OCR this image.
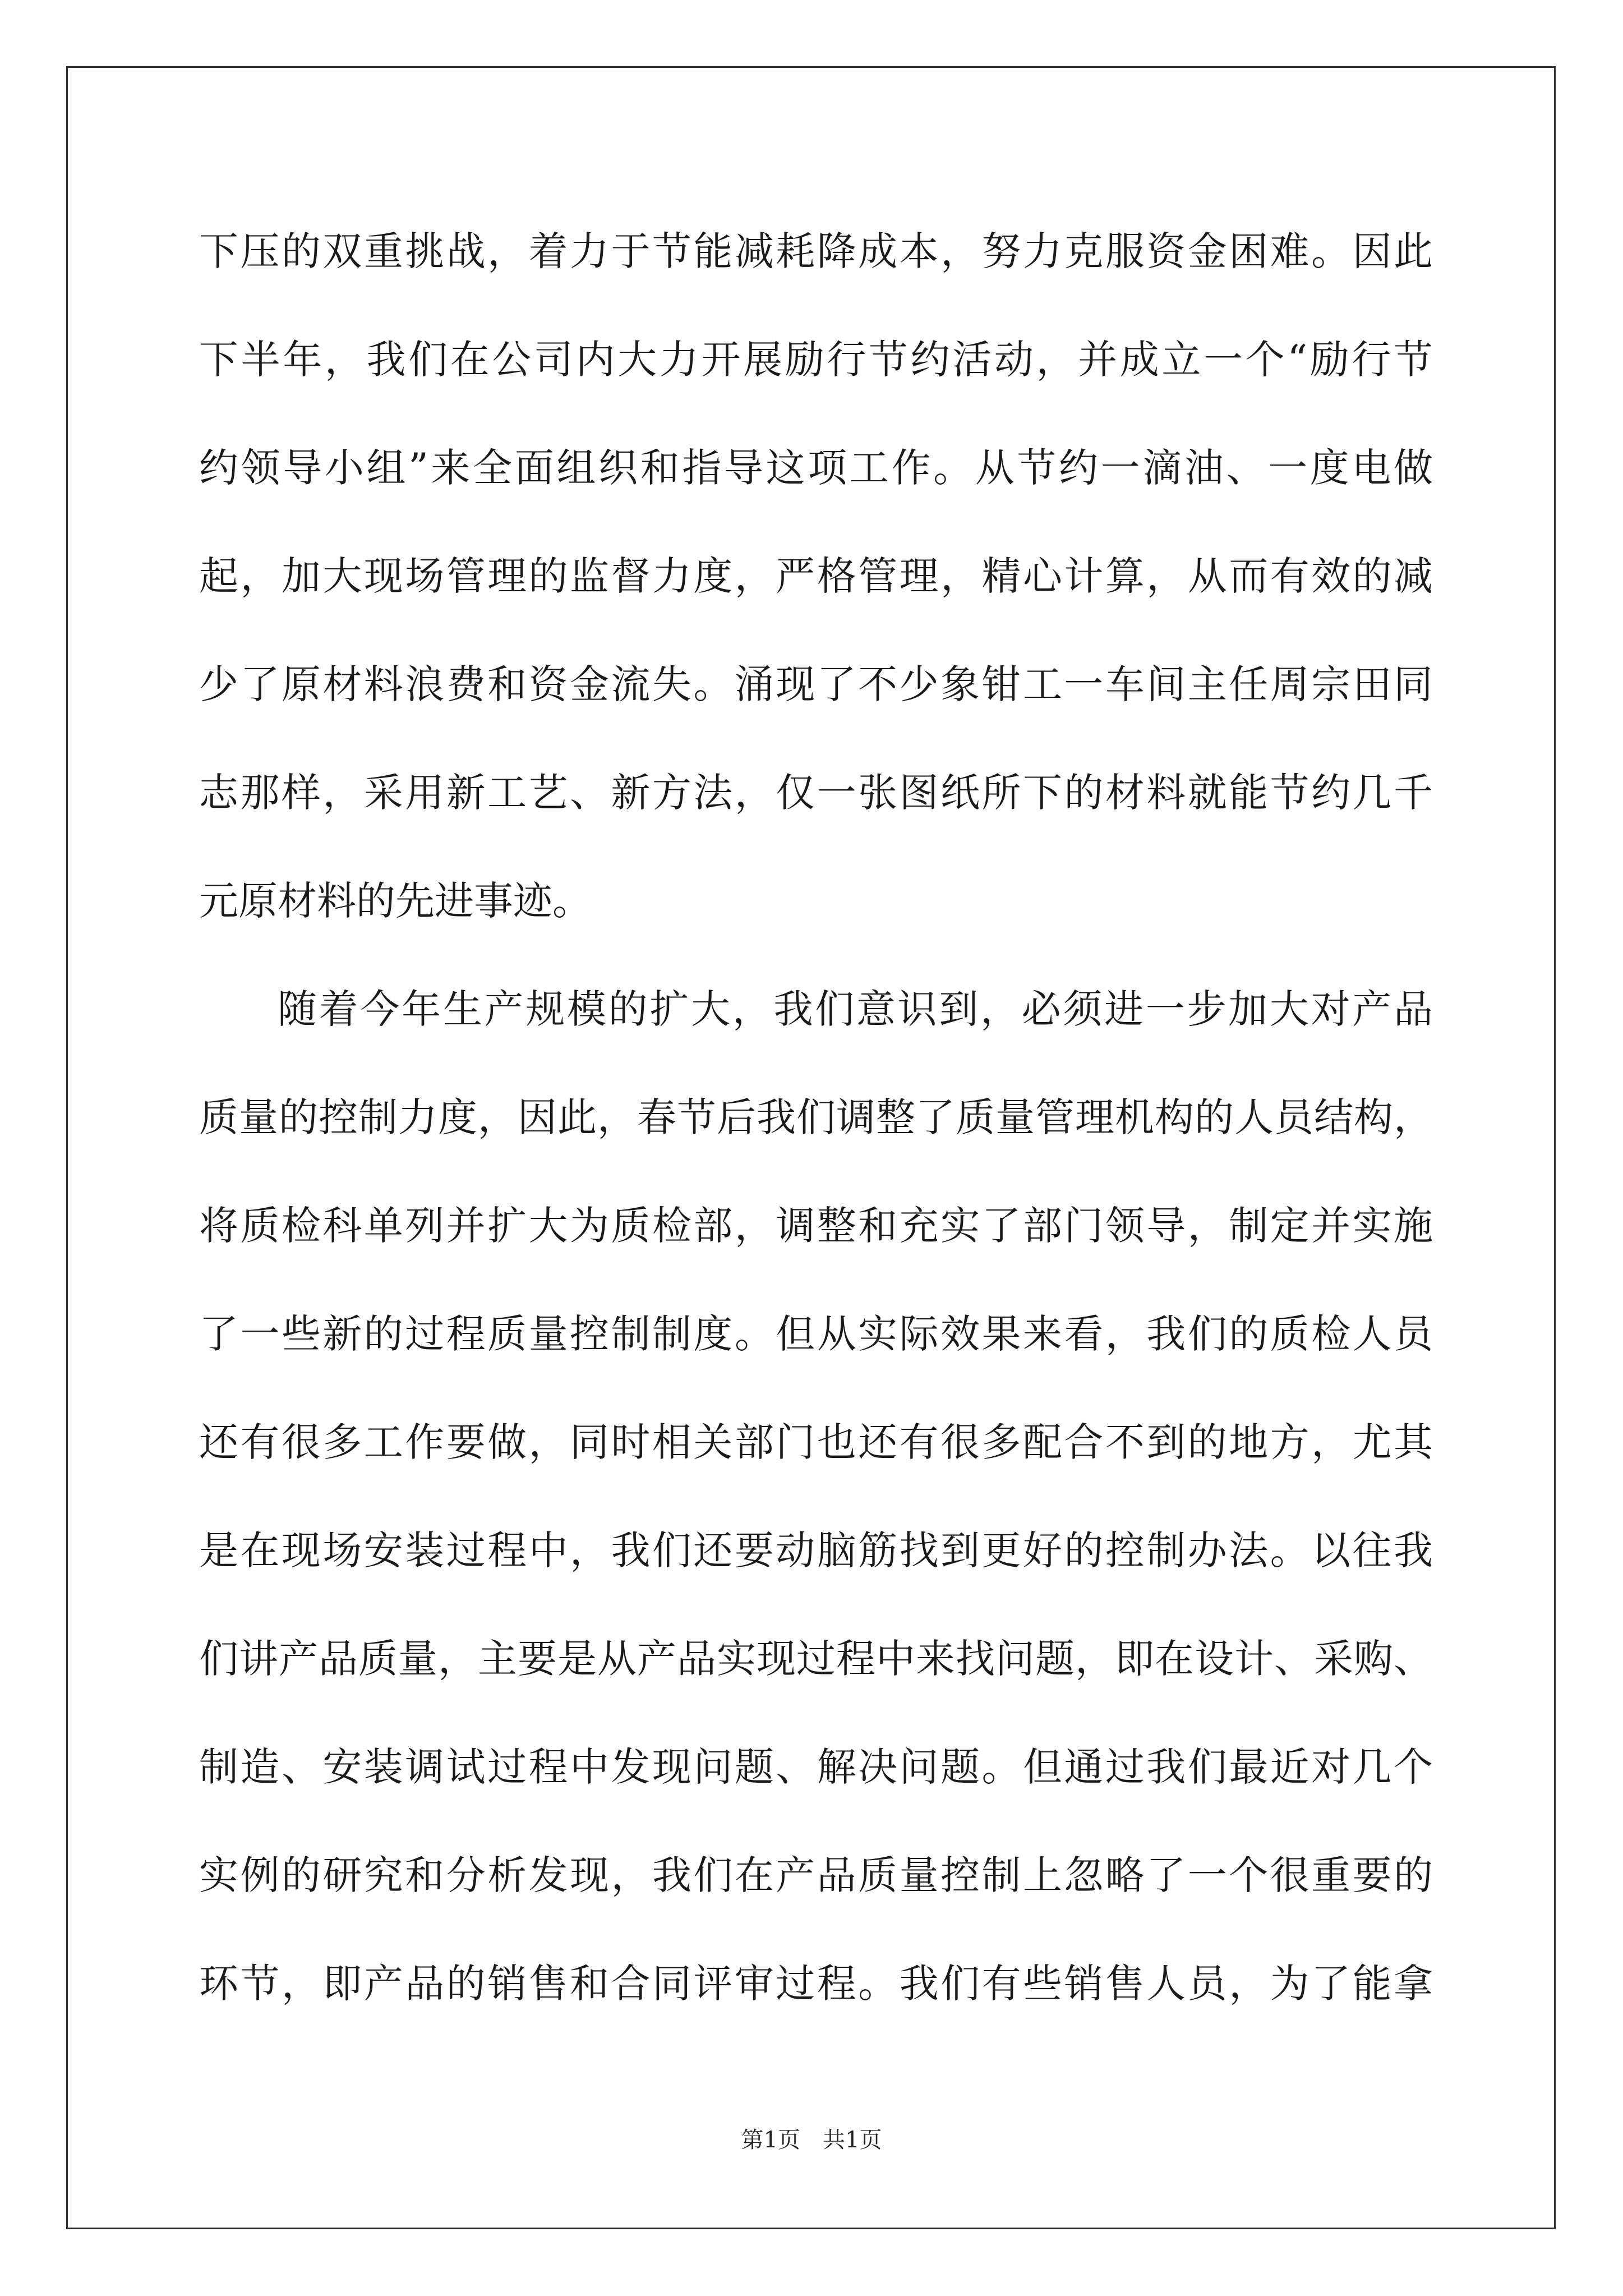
下压的双重挑战，着力于节能减耗降成本，努力克服资金困难。因此
下半年，我们在公司内大力开展励行节约活动，并成立一个“励行节
约领导小组”来全面组织和指导这项工作。从节约一滴油、一度电做
起，加大现场管理的监督力度，严格管理，精心计算，从而有效的减
少了原材料浪费和资金流失。涌现了不少象钳工一车间主任周宗田同
志那样，采用新工艺、新方法，仅一张图纸所下的材料就能节约几千
元原材料的先进事迹。
随着今年生产规模的扩大，我们意识到，必须进一步加大对产品
质量的控制力度，因此，春节后我们调整了质量管理机构的人员结构，
将质检科单列并扩大为质检部，调整和充实了部门领导，制定并实施
了一些新的过程质量控制制度。但从实际效果来看，我们的质检人员
还有很多工作要做，同时相关部门也还有很多配合不到的地方，尤其
是在现场安装过程中，我们还要动脑筋找到更好的控制办法。以往我
们讲产品质量，主要是从产品实现过程中来找问题，即在设计、采购、
制造、安装调试过程中发现问题、解决问题。但通过我们最近对几个
实例的研究和分析发现，我们在产品质量控制上忽略了一个很重要的
环节，即产品的销售和合同评审过程。我们有些销售人员，为了能拿
第1页　共1页
